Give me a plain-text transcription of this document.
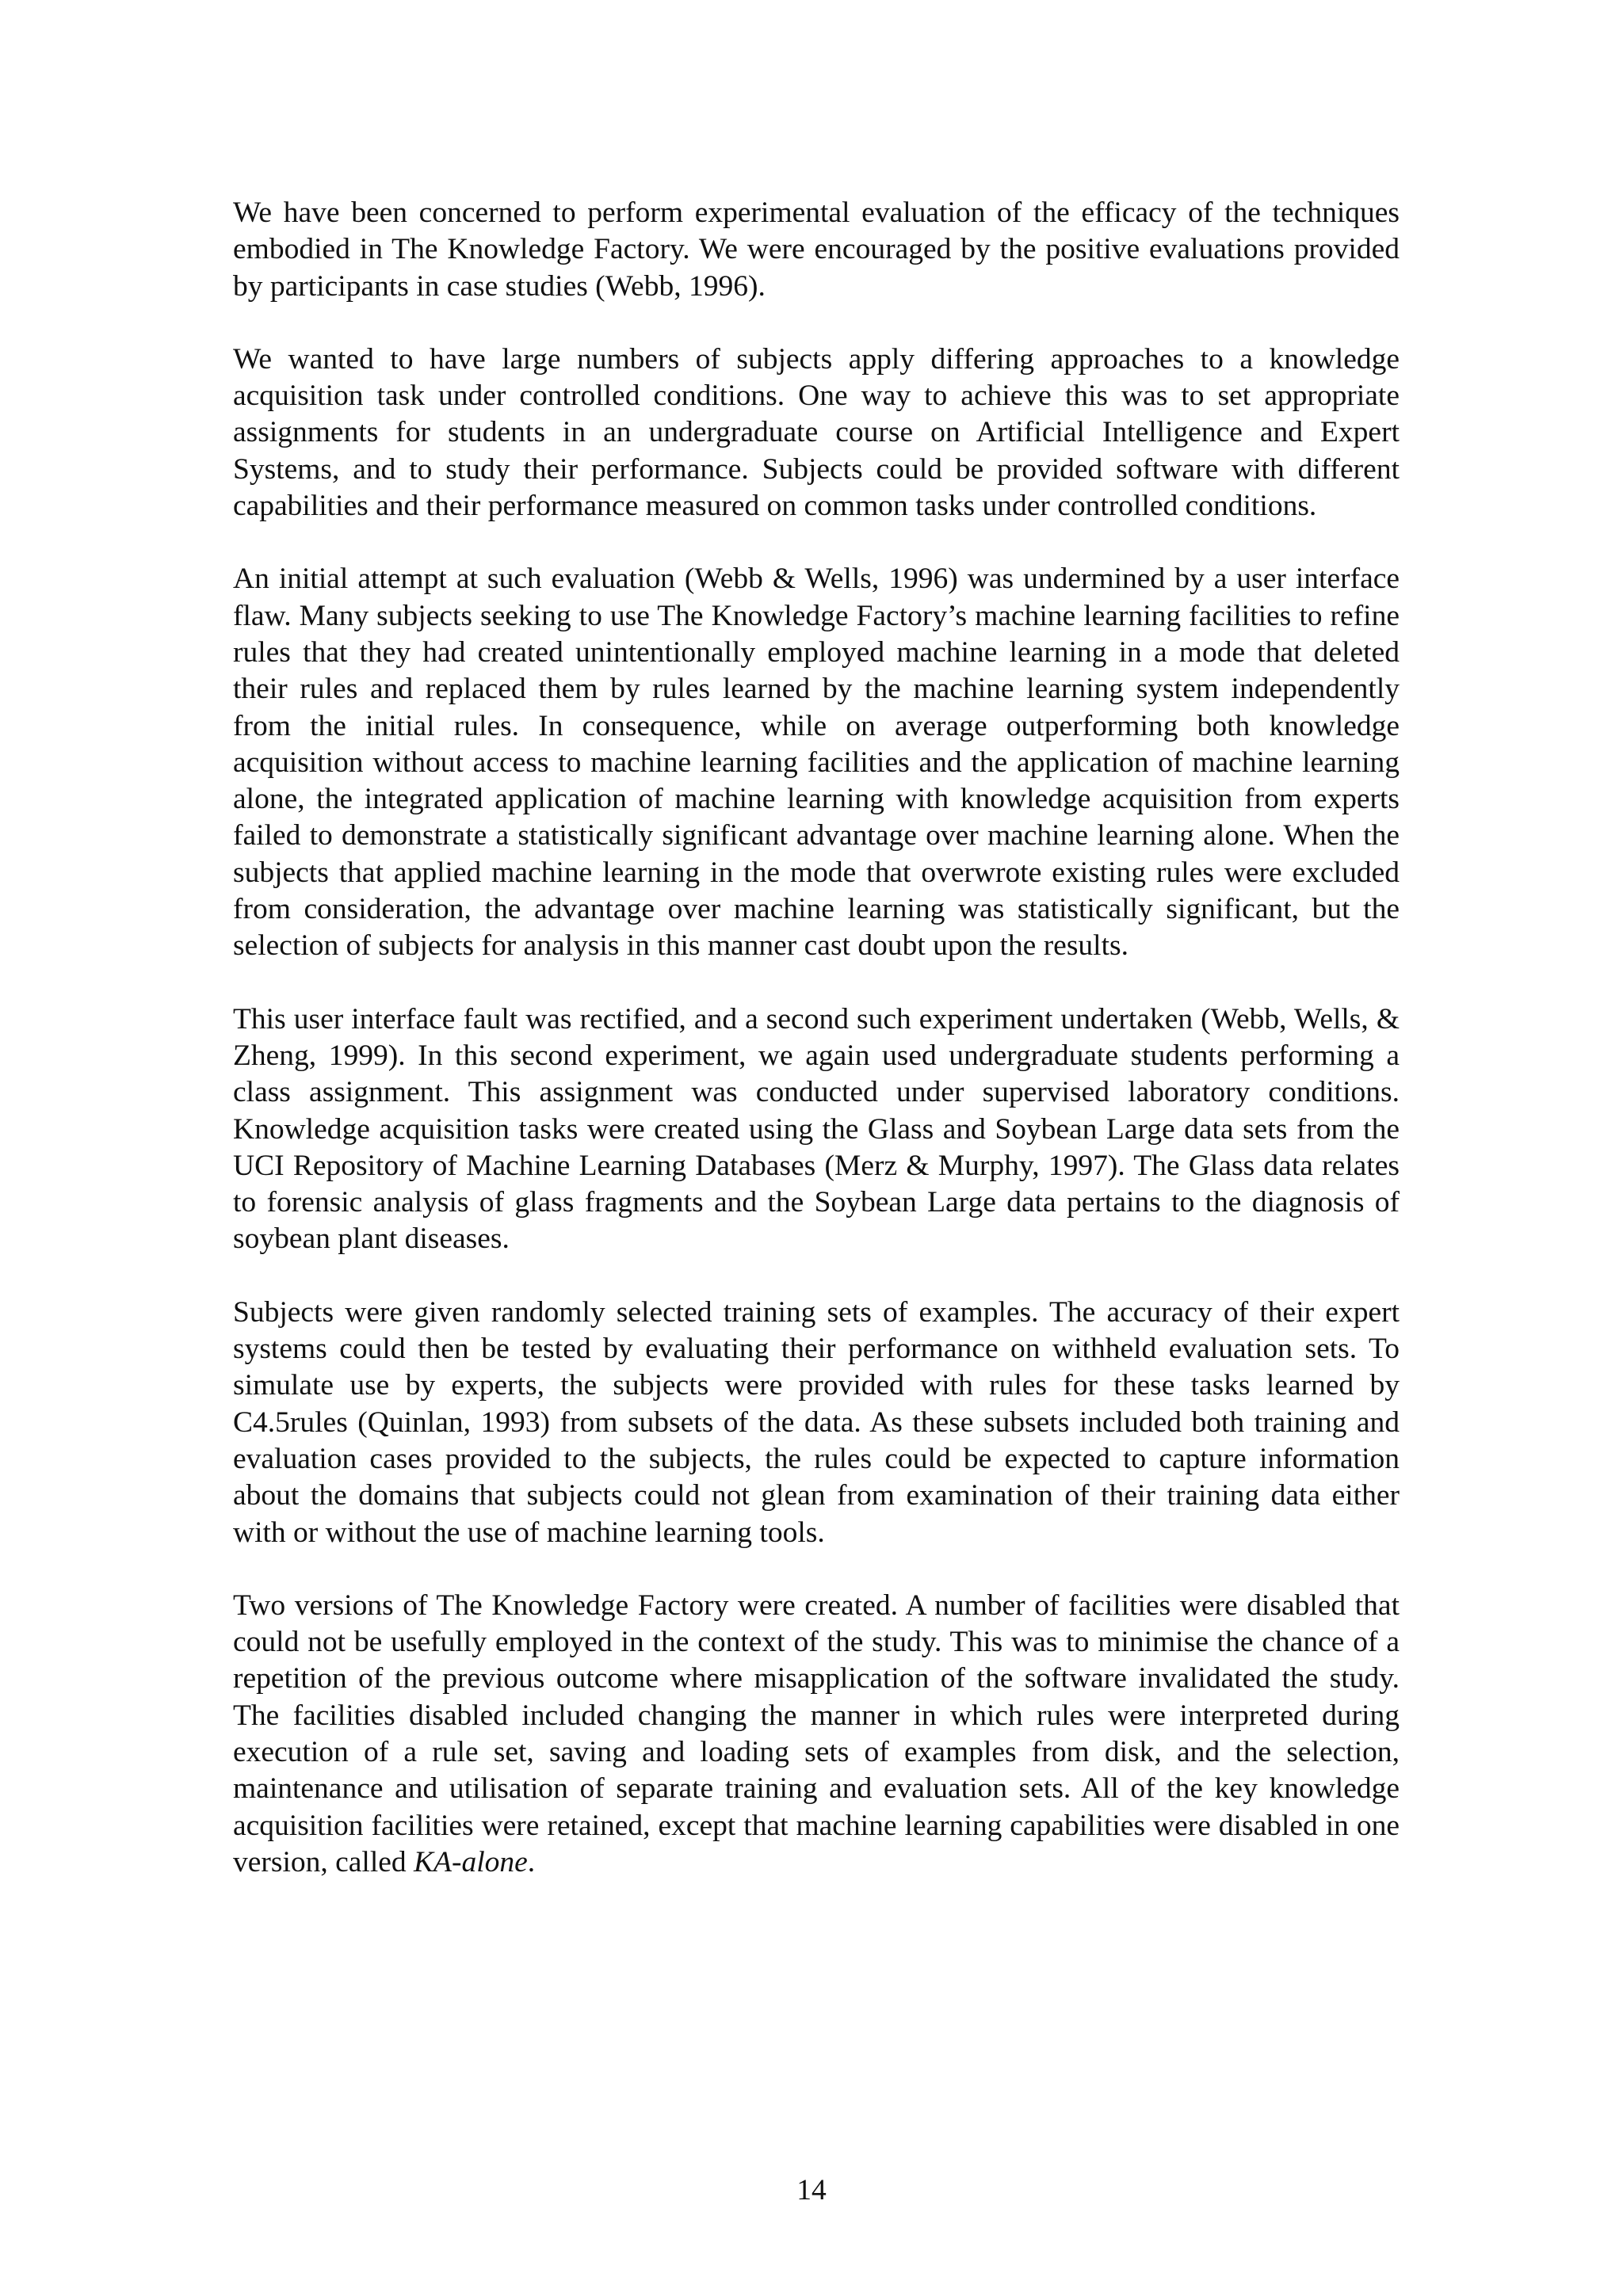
We have been concerned to perform experimental evaluation of the efficacy of the techniques embodied in The Knowledge Factory. We were encouraged by the positive evaluations provided by participants in case studies (Webb, 1996).

We wanted to have large numbers of subjects apply differing approaches to a knowledge acquisition task under controlled conditions. One way to achieve this was to set appropriate assignments for students in an undergraduate course on Artificial Intelligence and Expert Systems, and to study their performance. Subjects could be provided software with different capabilities and their performance measured on common tasks under controlled conditions.

An initial attempt at such evaluation (Webb & Wells, 1996) was undermined by a user interface flaw. Many subjects seeking to use The Knowledge Factory’s machine learning facilities to refine rules that they had created unintentionally employed machine learning in a mode that deleted their rules and replaced them by rules learned by the machine learning system independently from the initial rules. In consequence, while on average outperforming both knowledge acquisition without access to machine learning facilities and the application of machine learning alone, the integrated application of machine learning with knowledge acquisition from experts failed to demonstrate a statistically significant advantage over machine learning alone. When the subjects that applied machine learning in the mode that overwrote existing rules were excluded from consideration, the advantage over machine learning was statistically significant, but the selection of subjects for analysis in this manner cast doubt upon the results.

This user interface fault was rectified, and a second such experiment undertaken (Webb, Wells, & Zheng, 1999). In this second experiment, we again used undergraduate students performing a class assignment. This assignment was conducted under supervised laboratory conditions. Knowledge acquisition tasks were created using the Glass and Soybean Large data sets from the UCI Repository of Machine Learning Databases (Merz & Murphy, 1997). The Glass data relates to forensic analysis of glass fragments and the Soybean Large data pertains to the diagnosis of soybean plant diseases.

Subjects were given randomly selected training sets of examples. The accuracy of their expert systems could then be tested by evaluating their performance on withheld evaluation sets. To simulate use by experts, the subjects were provided with rules for these tasks learned by C4.5rules (Quinlan, 1993) from subsets of the data. As these subsets included both training and evaluation cases provided to the subjects, the rules could be expected to capture information about the domains that subjects could not glean from examination of their training data either with or without the use of machine learning tools.

Two versions of The Knowledge Factory were created. A number of facilities were disabled that could not be usefully employed in the context of the study. This was to minimise the chance of a repetition of the previous outcome where misapplication of the software invalidated the study. The facilities disabled included changing the manner in which rules were interpreted during execution of a rule set, saving and loading sets of examples from disk, and the selection, maintenance and utilisation of separate training and evaluation sets. All of the key knowledge acquisition facilities were retained, except that machine learning capabilities were disabled in one version, called KA-alone.

14
